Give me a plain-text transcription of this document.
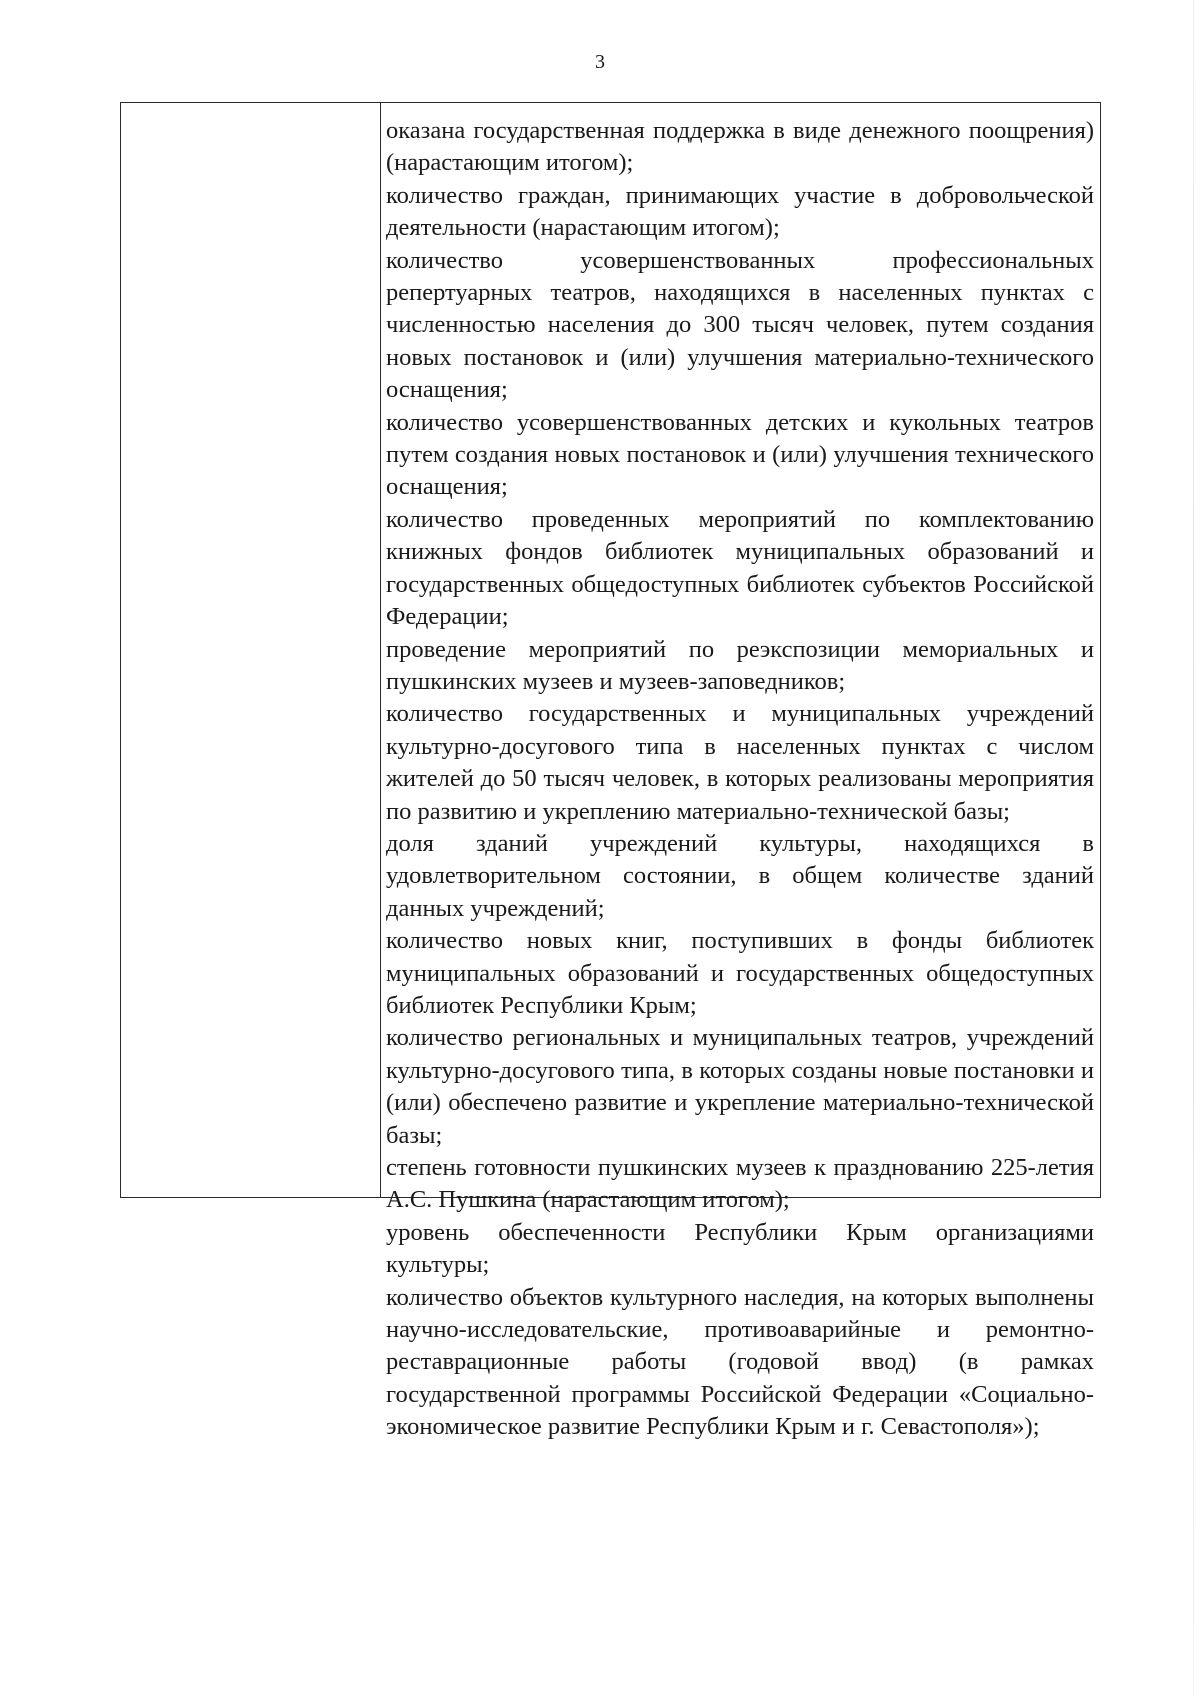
3

оказана государственная поддержка в виде денежного поощрения) (нарастающим итогом);

количество граждан, принимающих участие в добровольческой деятельности (нарастающим итогом);

количество усовершенствованных профессиональных репертуарных театров, находящихся в населенных пунктах с численностью населения до 300 тысяч человек, путем создания новых постановок и (или) улучшения материально-технического оснащения;

количество усовершенствованных детских и кукольных театров путем создания новых постановок и (или) улучшения технического оснащения;

количество проведенных мероприятий по комплектованию книжных фондов библиотек муниципальных образований и государственных общедоступных библиотек субъектов Российской Федерации;

проведение мероприятий по реэкспозиции мемориальных и пушкинских музеев и музеев-заповедников;

количество государственных и муниципальных учреждений культурно-досугового типа в населенных пунктах с числом жителей до 50 тысяч человек, в которых реализованы мероприятия по развитию и укреплению материально-технической базы;

доля зданий учреждений культуры, находящихся в удовлетворительном состоянии, в общем количестве зданий данных учреждений;

количество новых книг, поступивших в фонды библиотек муниципальных образований и государственных общедоступных библиотек Республики Крым;

количество региональных и муниципальных театров, учреждений культурно-досугового типа, в которых созданы новые постановки и (или) обеспечено развитие и укрепление материально-технической базы;

степень готовности пушкинских музеев к празднованию 225-летия А.С. Пушкина (нарастающим итогом);

уровень обеспеченности Республики Крым организациями культуры;

количество объектов культурного наследия, на которых выполнены научно-исследовательские, противоаварийные и ремонтно-реставрационные работы (годовой ввод) (в рамках государственной программы Российской Федерации «Социально-экономическое развитие Республики Крым и г. Севастополя»);
